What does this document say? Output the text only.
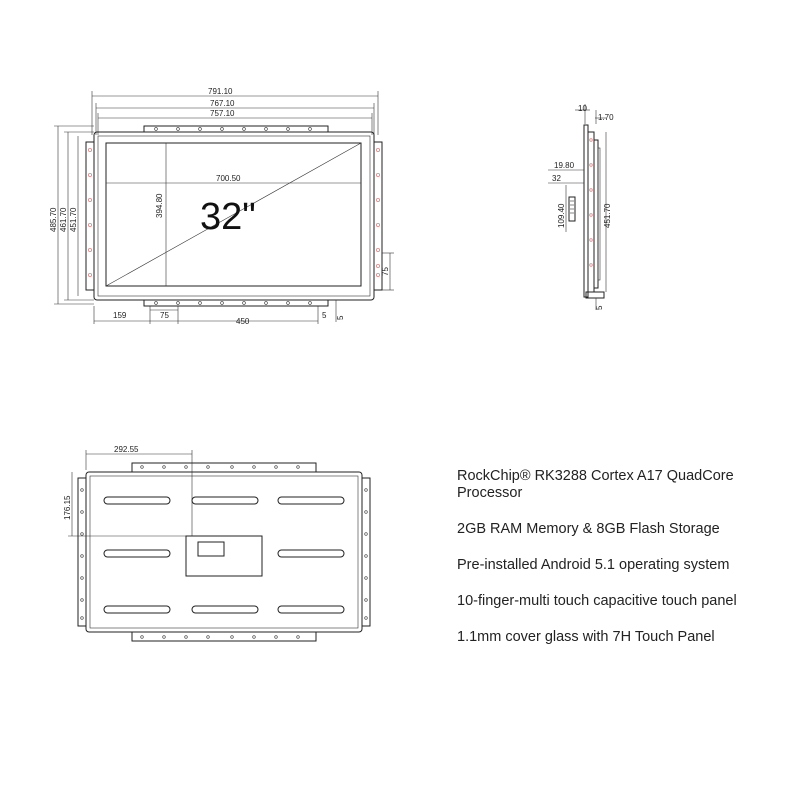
791.10
767.10
757.10
700.50
394.80 32"
485.70 461.70 451.70
159	75
450
5 5
75
10
1.70
19.80
32
109.40	451.70
5
292.55
176.15
RockChip® RK3288 Cortex A17 QuadCore Processor
2GB RAM Memory & 8GB Flash Storage
Pre-installed Android 5.1 operating system
10-finger-multi touch capacitive touch panel
1.1mm cover glass with 7H Touch Panel
